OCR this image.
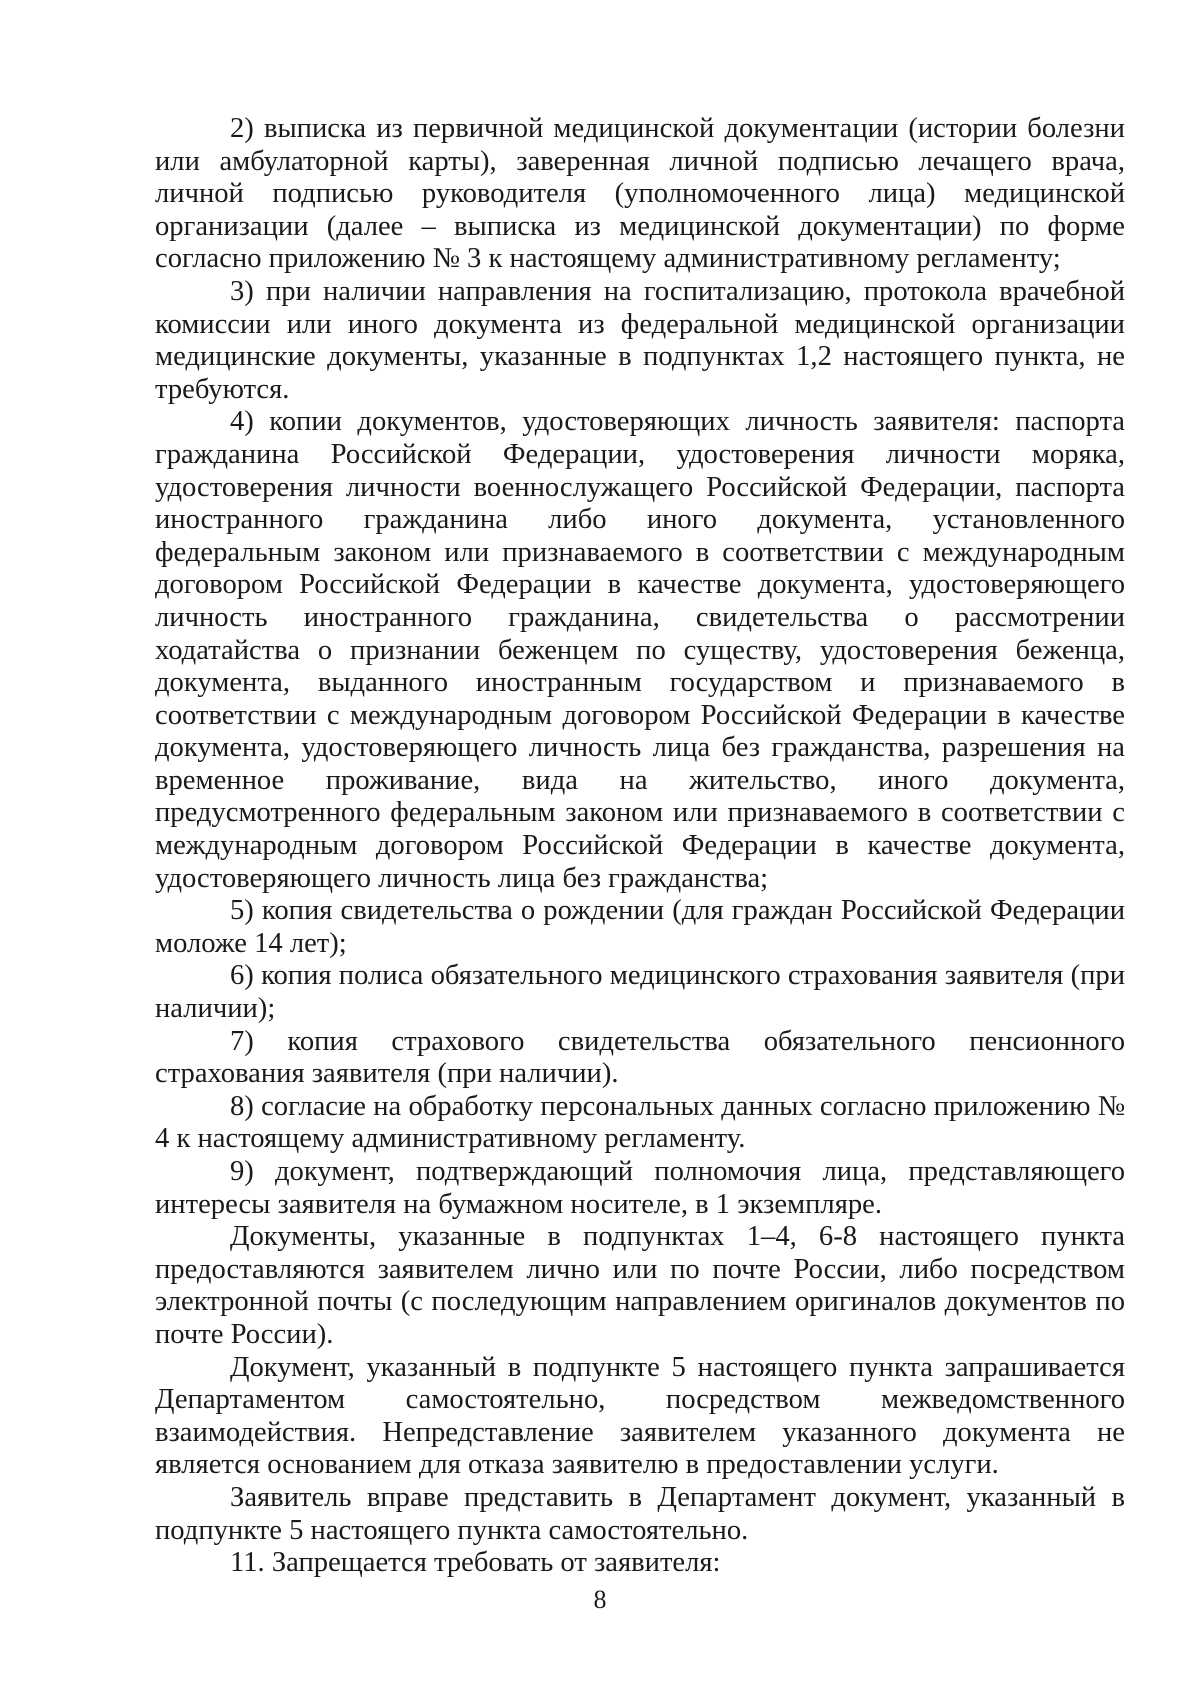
2) выписка из первичной медицинской документации (истории болезни или амбулаторной карты), заверенная личной подписью лечащего врача, личной подписью руководителя (уполномоченного лица) медицинской организации (далее – выписка из медицинской документации) по форме согласно приложению № 3 к настоящему административному регламенту;

3) при наличии направления на госпитализацию, протокола врачебной комиссии или иного документа из федеральной медицинской организации медицинские документы, указанные в подпунктах 1,2 настоящего пункта, не требуются.

4) копии документов, удостоверяющих личность заявителя: паспорта гражданина Российской Федерации, удостоверения личности моряка, удостоверения личности военнослужащего Российской Федерации, паспорта иностранного гражданина либо иного документа, установленного федеральным законом или признаваемого в соответствии с международным договором Российской Федерации в качестве документа, удостоверяющего личность иностранного гражданина, свидетельства о рассмотрении ходатайства о признании беженцем по существу, удостоверения беженца, документа, выданного иностранным государством и признаваемого в соответствии с международным договором Российской Федерации в качестве документа, удостоверяющего личность лица без гражданства, разрешения на временное проживание, вида на жительство, иного документа, предусмотренного федеральным законом или признаваемого в соответствии с международным договором Российской Федерации в качестве документа, удостоверяющего личность лица без гражданства;

5) копия свидетельства о рождении (для граждан Российской Федерации моложе 14 лет);

6) копия полиса обязательного медицинского страхования заявителя (при наличии);

7) копия страхового свидетельства обязательного пенсионного страхования заявителя (при наличии).

8) согласие на обработку персональных данных согласно приложению № 4 к настоящему административному регламенту.

9) документ, подтверждающий полномочия лица, представляющего интересы заявителя на бумажном носителе, в 1 экземпляре.

Документы, указанные в подпунктах 1–4, 6-8 настоящего пункта предоставляются заявителем лично или по почте России, либо посредством электронной почты (с последующим направлением оригиналов документов по почте России).

Документ, указанный в подпункте 5 настоящего пункта запрашивается Департаментом самостоятельно, посредством межведомственного взаимодействия. Непредставление заявителем указанного документа не является основанием для отказа заявителю в предоставлении услуги.

Заявитель вправе представить в Департамент документ, указанный в подпункте 5 настоящего пункта самостоятельно.

11. Запрещается требовать от заявителя:

8
